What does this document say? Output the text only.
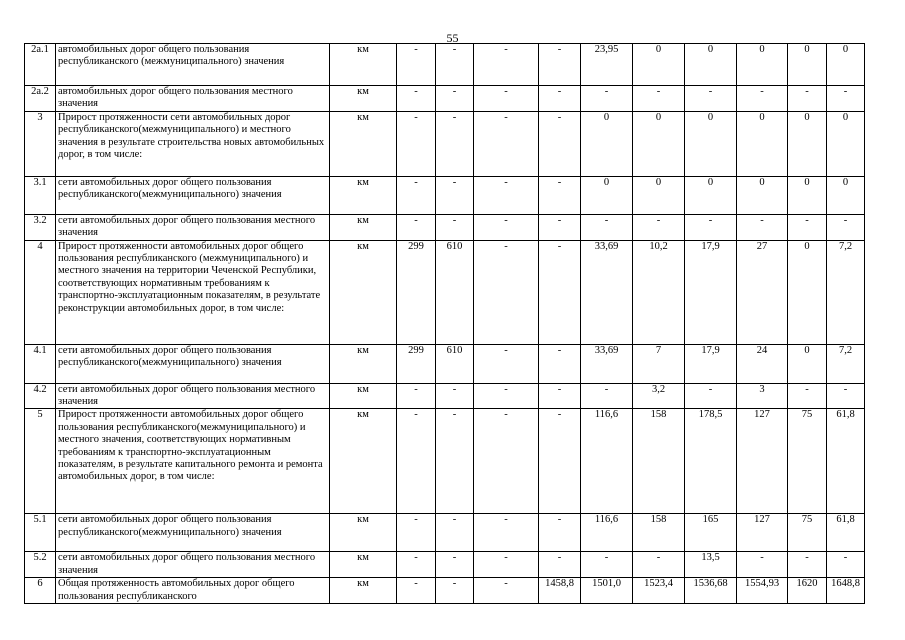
55
2а.1	автомобильных дорог общего пользования республиканского (межмуниципального) значения	км	-	-	-	-	23,95	0	0	0	0	0
2а.2	автомобильных дорог общего пользования местного значения	км	-	-	-	-	-	-	-	-	-	-
3	Прирост протяженности сети автомобильных дорог республиканского(межмуниципального) и местного значения в результате строительства новых автомобильных дорог, в том числе:	км	-	-	-	-	0	0	0	0	0	0
3.1	сети автомобильных дорог общего пользования республиканского(межмуниципального) значения	км	-	-	-	-	0	0	0	0	0	0
3.2	сети автомобильных дорог общего пользования местного значения	км	-	-	-	-	-	-	-	-	-	-
4	Прирост протяженности автомобильных дорог общего пользования республиканского (межмуниципального) и местного значения на территории Чеченской Республики, соответствующих нормативным требованиям к транспортно-эксплуатационным показателям, в результате реконструкции автомобильных дорог, в том числе:	км	299	610	-	-	33,69	10,2	17,9	27	0	7,2
4.1	сети автомобильных дорог общего пользования республиканского(межмуниципального) значения	км	299	610	-	-	33,69	7	17,9	24	0	7,2
4.2	сети автомобильных дорог общего пользования местного значения	км	-	-	-	-	-	3,2	-	3	-	-
5	Прирост протяженности автомобильных дорог общего пользования республиканского(межмуниципального) и местного значения, соответствующих нормативным требованиям к транспортно-эксплуатационным показателям, в результате капитального ремонта и ремонта автомобильных дорог, в том числе:	км	-	-	-	-	116,6	158	178,5	127	75	61,8
5.1	сети автомобильных дорог общего пользования республиканского(межмуниципального) значения	км	-	-	-	-	116,6	158	165	127	75	61,8
5.2	сети автомобильных дорог общего пользования местного значения	км	-	-	-	-	-	-	13,5	-	-	-
6	Общая протяженность автомобильных дорог общего пользования республиканского	км	-	-	-	1458,8	1501,0	1523,4	1536,68	1554,93	1620	1648,8
